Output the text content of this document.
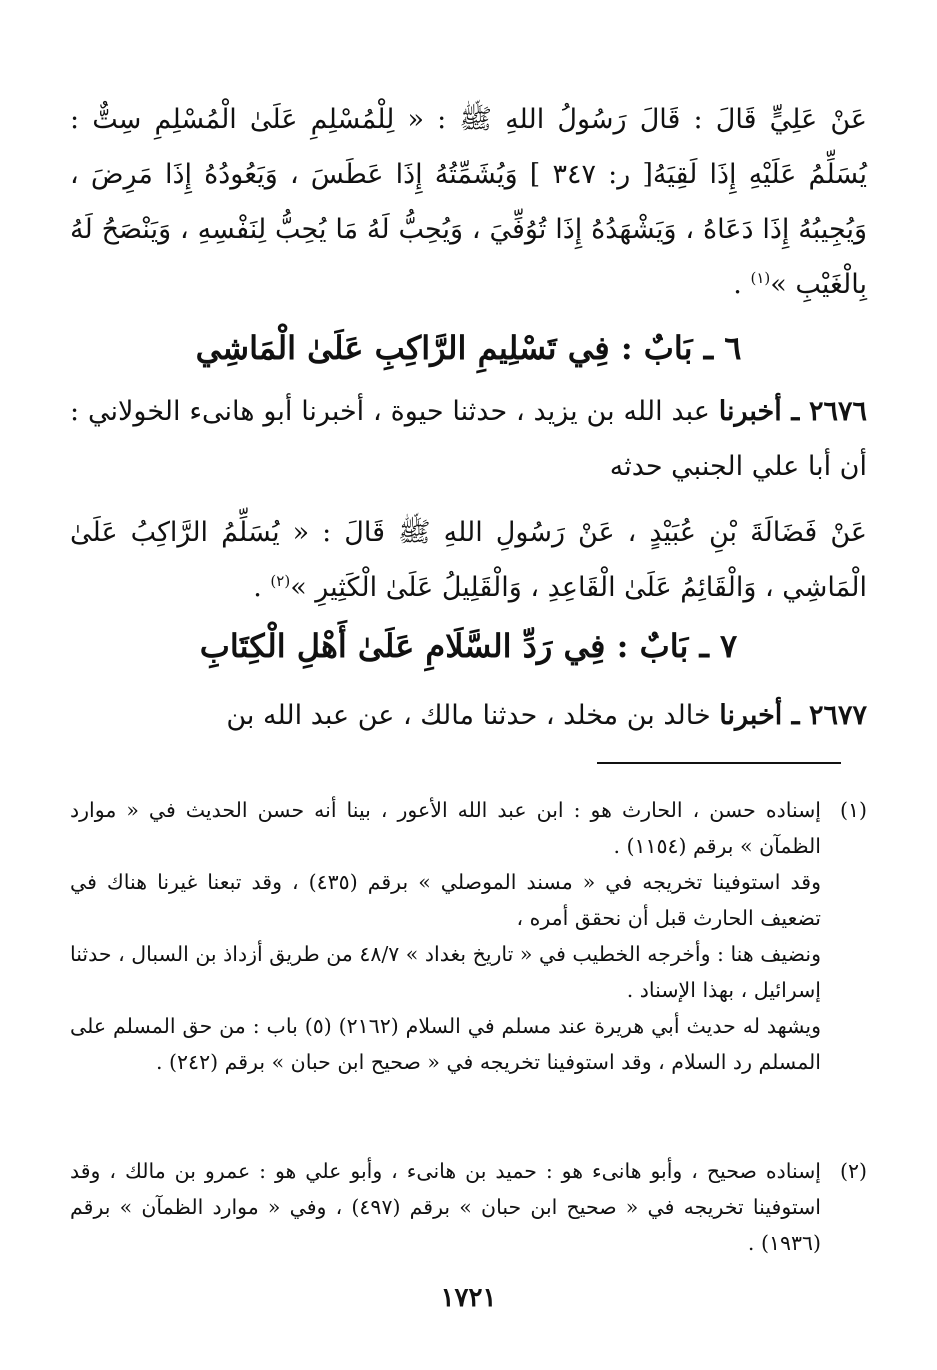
عَنْ عَلِيٍّ قَالَ : قَالَ رَسُولُ اللهِ ﷺ : « لِلْمُسْلِمِ عَلَىٰ الْمُسْلِمِ سِتٌّ : يُسَلِّمُ عَلَيْهِ إِذَا لَقِيَهُ[ ر: ٣٤٧ ] وَيُشَمِّتُهُ إِذَا عَطَسَ ، وَيَعُودُهُ إِذَا مَرِضَ ، وَيُجِيبُهُ إِذَا دَعَاهُ ، وَيَشْهَدُهُ إِذَا تُوُفِّيَ ، وَيُحِبُّ لَهُ مَا يُحِبُّ لِنَفْسِهِ ، وَيَنْصَحُ لَهُ بِالْغَيْبِ »$^{(١)}$ .
٦ ـ بَابٌ : فِي تَسْلِيمِ الرَّاكِبِ عَلَىٰ الْمَاشِي
٢٦٧٦ ـ أخبرنا عبد الله بن يزيد ، حدثنا حيوة ، أخبرنا أبو هانىء الخولاني : أن أبا علي الجنبي حدثه
عَنْ فَضَالَةَ بْنِ عُبَيْدٍ ، عَنْ رَسُولِ اللهِ ﷺ قَالَ : « يُسَلِّمُ الرَّاكِبُ عَلَىٰ الْمَاشِي ، وَالْقَائِمُ عَلَىٰ الْقَاعِدِ ، وَالْقَلِيلُ عَلَىٰ الْكَثِيرِ »$^{(٢)}$ .
٧ ـ بَابٌ : فِي رَدِّ السَّلَامِ عَلَىٰ أَهْلِ الْكِتَابِ
٢٦٧٧ ـ أخبرنا خالد بن مخلد ، حدثنا مالك ، عن عبد الله بن
(١)

إسناده حسن ، الحارث هو : ابن عبد الله الأعور ، بينا أنه حسن الحديث في « موارد الظمآن » برقم (١١٥٤) .

وقد استوفينا تخريجه في « مسند الموصلي » برقم (٤٣٥) ، وقد تبعنا غيرنا هناك في تضعيف الحارث قبل أن نحقق أمره ،

ونضيف هنا : وأخرجه الخطيب في « تاريخ بغداد » ٤٨/٧ من طريق أزداذ بن السبال ، حدثنا إسرائيل ، بهذا الإسناد .

ويشهد له حديث أبي هريرة عند مسلم في السلام (٢١٦٢) (٥) باب : من حق المسلم على المسلم رد السلام ، وقد استوفينا تخريجه في « صحيح ابن حبان » برقم (٢٤٢) .

(٢)

إسناده صحيح ، وأبو هانىء هو : حميد بن هانىء ، وأبو علي هو : عمرو بن مالك ، وقد استوفينا تخريجه في « صحيح ابن حبان » برقم (٤٩٧) ، وفي « موارد الظمآن » برقم (١٩٣٦) .

١٧٢١
